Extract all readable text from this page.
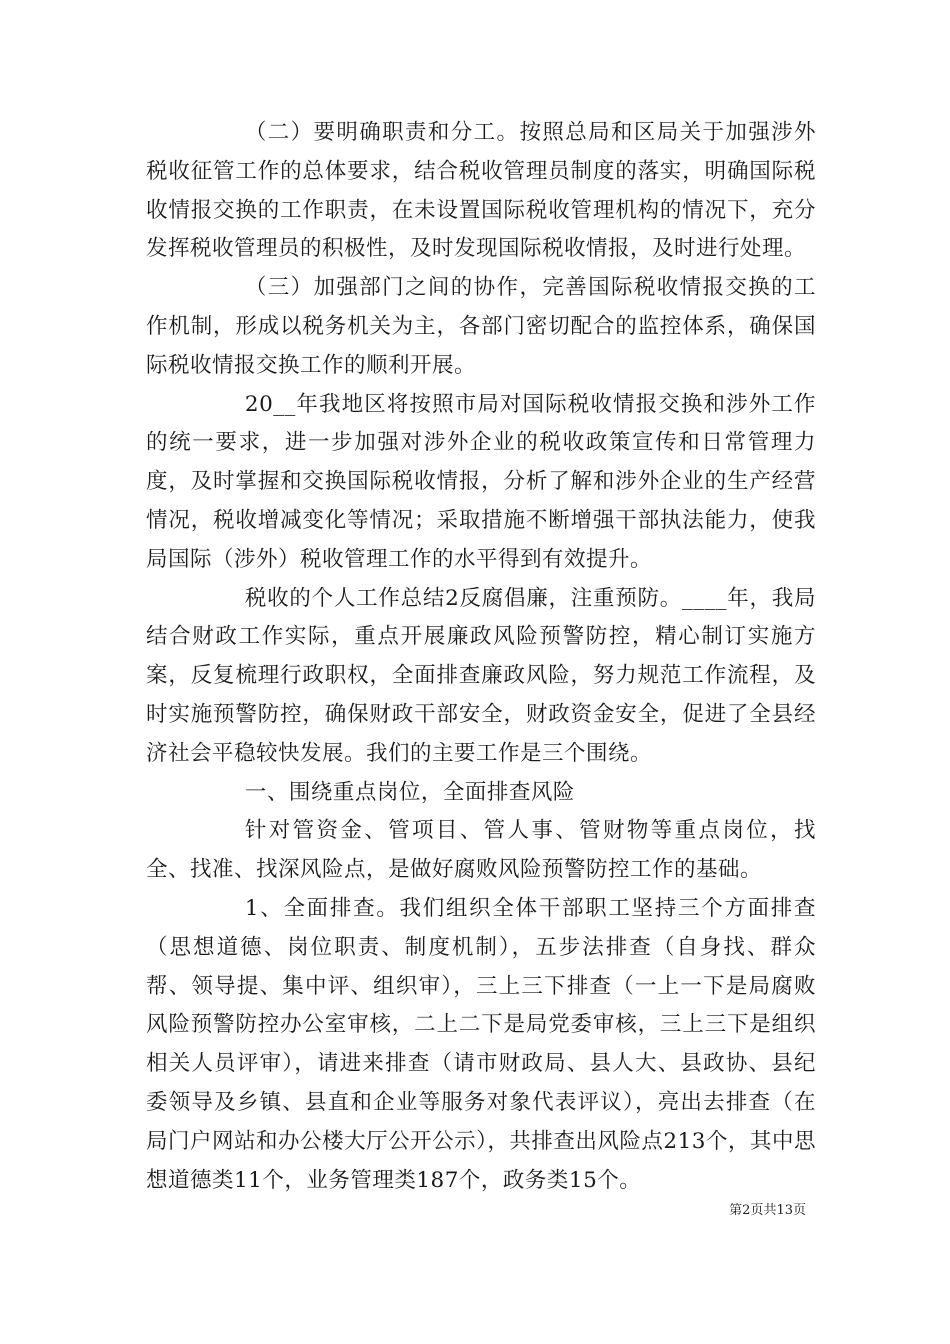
（二）要明确职责和分工。按照总局和区局关于加强涉外税收征管工作的总体要求，结合税收管理员制度的落实，明确国际税收情报交换的工作职责，在未设置国际税收管理机构的情况下，充分发挥税收管理员的积极性，及时发现国际税收情报，及时进行处理。

（三）加强部门之间的协作，完善国际税收情报交换的工作机制，形成以税务机关为主，各部门密切配合的监控体系，确保国际税收情报交换工作的顺利开展。

20__年我地区将按照市局对国际税收情报交换和涉外工作的统一要求，进一步加强对涉外企业的税收政策宣传和日常管理力度，及时掌握和交换国际税收情报，分析了解和涉外企业的生产经营情况，税收增减变化等情况；采取措施不断增强干部执法能力，使我局国际（涉外）税收管理工作的水平得到有效提升。

税收的个人工作总结2反腐倡廉，注重预防。____年，我局结合财政工作实际，重点开展廉政风险预警防控，精心制订实施方案，反复梳理行政职权，全面排查廉政风险，努力规范工作流程，及时实施预警防控，确保财政干部安全，财政资金安全，促进了全县经济社会平稳较快发展。我们的主要工作是三个围绕。

一、围绕重点岗位，全面排查风险

针对管资金、管项目、管人事、管财物等重点岗位，找全、找准、找深风险点，是做好腐败风险预警防控工作的基础。

1、全面排查。我们组织全体干部职工坚持三个方面排查（思想道德、岗位职责、制度机制），五步法排查（自身找、群众帮、领导提、集中评、组织审），三上三下排查（一上一下是局腐败风险预警防控办公室审核，二上二下是局党委审核，三上三下是组织相关人员评审），请进来排查（请市财政局、县人大、县政协、县纪委领导及乡镇、县直和企业等服务对象代表评议），亮出去排查（在局门户网站和办公楼大厅公开公示），共排查出风险点213个，其中思想道德类11个，业务管理类187个，政务类15个。

第2页共13页
